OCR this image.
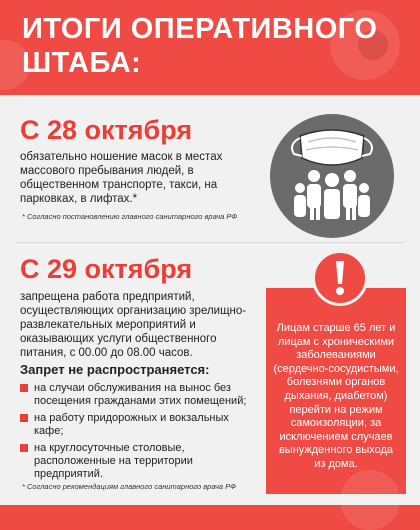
ИТОГИ ОПЕРАТИВНОГО
ШТАБА:
С 28 октября

обязательно ношение масок в местах массового пребывания людей, в общественном транспорте, такси, на парковках, в лифтах.*

* Согласно постановлению главного санитарного врача РФ

С 29 октября

запрещена работа предприятий, осуществляющих организацию зрелищно-развлекательных мероприятий и оказывающих услуги общественного питания, с 00.00 до 08.00 часов.

Запрет не распространяется:

на случаи обслуживания на вынос без посещения гражданами этих помещений;
на работу придорожных и вокзальных кафе;
на круглосуточные столовые, расположенные на территории предприятий.

* Согласно рекомендациям главного санитарного врача РФ

Лицам старше 65 лет и лицам с хроническими заболеваниями (сердечно-сосудистыми, болезнями органов дыхания, диабетом) перейти на режим самоизоляции, за исключением случаев вынужденного выхода из дома.
